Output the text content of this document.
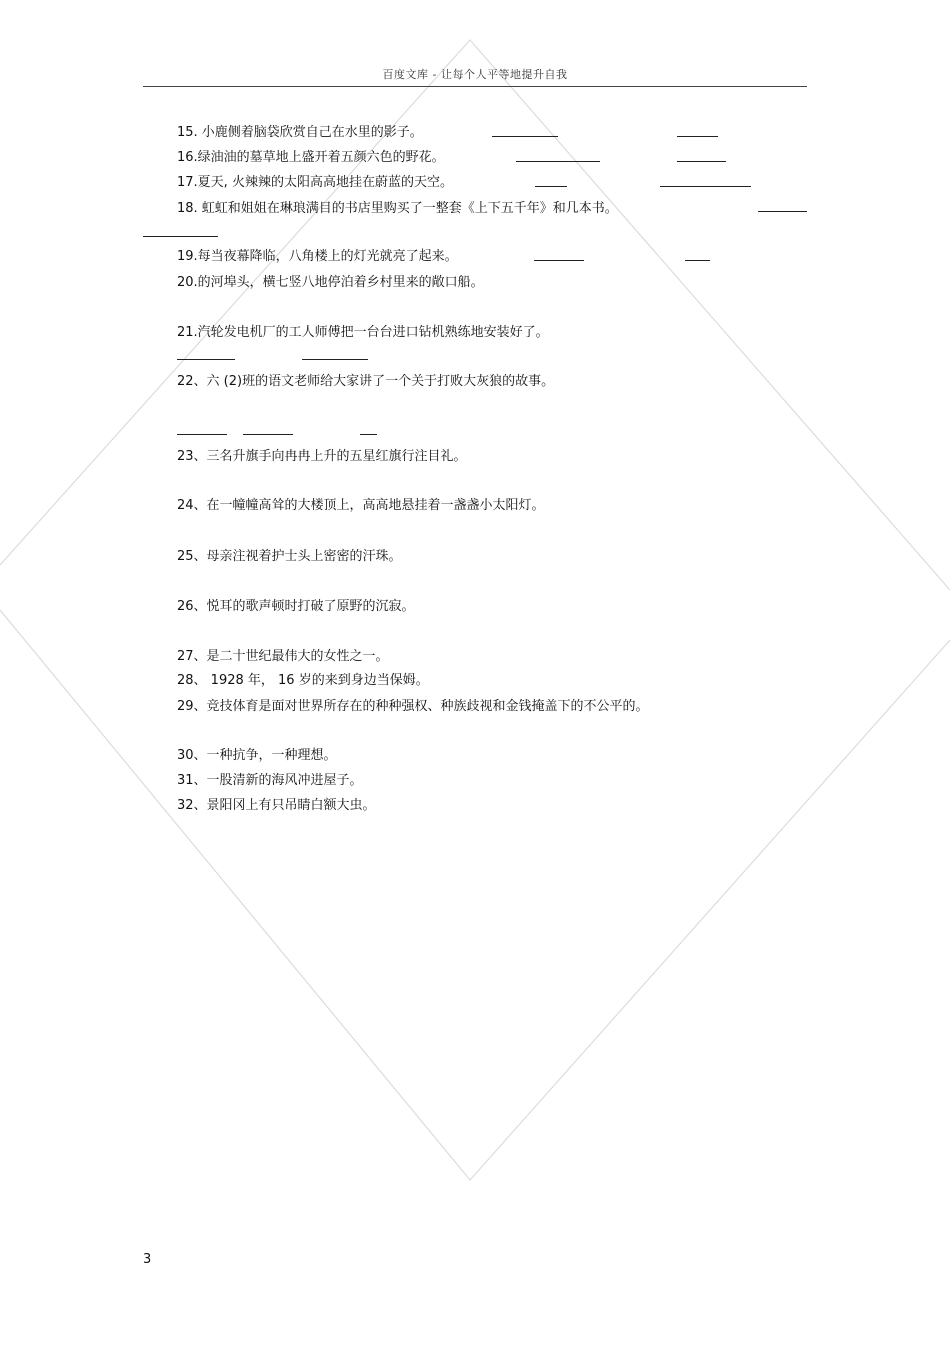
百度文库 - 让每个人平等地提升自我
15. 小鹿侧着脑袋欣赏自己在水里的影子。
16.绿油油的墓草地上盛开着五颜六色的野花。
17.夏天, 火辣辣的太阳高高地挂在蔚蓝的天空。
18. 虹虹和姐姐在琳琅满目的书店里购买了一整套《上下五千年》和几本书。
19.每当夜幕降临，八角楼上的灯光就亮了起来。
20.的河埠头，横七竖八地停泊着乡村里来的敞口船。
21.汽轮发电机厂的工人师傅把一台台进口钻机熟练地安装好了。
22、六 (2)班的语文老师给大家讲了一个关于打败大灰狼的故事。
23、三名升旗手向冉冉上升的五星红旗行注目礼。
24、在一幢幢高耸的大楼顶上，高高地悬挂着一盏盏小太阳灯。
25、母亲注视着护士头上密密的汗珠。
26、悦耳的歌声顿时打破了原野的沉寂。
27、是二十世纪最伟大的女性之一。
28、 1928 年， 16 岁的来到身边当保姆。
29、竞技体育是面对世界所存在的种种强权、种族歧视和金钱掩盖下的不公平的。
30、一种抗争，一种理想。
31、一股清新的海风冲进屋子。
32、景阳冈上有只吊睛白额大虫。
3
